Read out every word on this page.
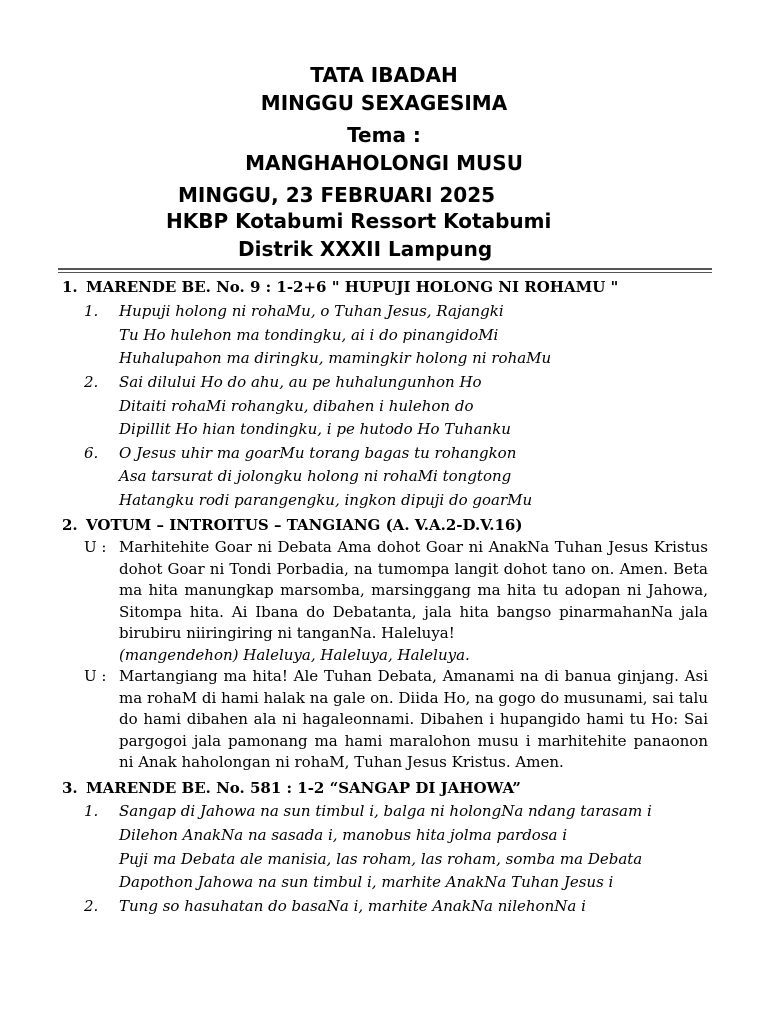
TATA IBADAH
MINGGU SEXAGESIMA
Tema :
MANGHAHOLONGI MUSU
MINGGU, 23 FEBRUARI 2025
HKBP Kotabumi Ressort Kotabumi
Distrik XXXII Lampung
1. MARENDE BE. No. 9 : 1-2+6 " HUPUJI HOLONG NI ROHAMU "
1. Hupuji holong ni rohaMu, o Tuhan Jesus, Rajangki
Tu Ho hulehon ma tondingku, ai i do pinangidoMi
Huhalupahon ma diringku, mamingkir holong ni rohaMu
2. Sai dilului Ho do ahu, au pe huhalungunhon Ho
Ditaiti rohaMi rohangku, dibahen i hulehon do
Dipillit Ho hian tondingku, i pe hutodo Ho Tuhanku
6. O Jesus uhir ma goarMu torang bagas tu rohangkon
Asa tarsurat di jolongku holong ni rohaMi tongtong
Hatangku rodi parangengku, ingkon dipuji do goarMu
2. VOTUM – INTROITUS – TANGIANG (A. V.A.2-D.V.16)
U : Marhitehite Goar ni Debata Ama dohot Goar ni AnakNa Tuhan Jesus Kristus
dohot Goar ni Tondi Porbadia, na tumompa langit dohot tano on. Amen. Beta
ma hita manungkap marsomba, marsinggang ma hita tu adopan ni Jahowa,
Sitompa hita. Ai Ibana do Debatanta, jala hita bangso pinarmahanNa jala
birubiru niiringiring ni tanganNa. Haleluya!
(mangendehon) Haleluya, Haleluya, Haleluya.
U : Martangiang ma hita! Ale Tuhan Debata, Amanami na di banua ginjang. Asi
ma rohaM di hami halak na gale on. Diida Ho, na gogo do musunami, sai talu
do hami dibahen ala ni hagaleonnami. Dibahen i hupangido hami tu Ho: Sai
pargogoi jala pamonang ma hami maralohon musu i marhitehite panaonon
ni Anak haholongan ni rohaM, Tuhan Jesus Kristus. Amen.
3. MARENDE BE. No. 581 : 1-2 “SANGAP DI JAHOWA”
1. Sangap di Jahowa na sun timbul i, balga ni holongNa ndang tarasam i
Dilehon AnakNa na sasada i, manobus hita jolma pardosa i
Puji ma Debata ale manisia, las roham, las roham, somba ma Debata
Dapothon Jahowa na sun timbul i, marhite AnakNa Tuhan Jesus i
2. Tung so hasuhatan do basaNa i, marhite AnakNa nilehonNa i
